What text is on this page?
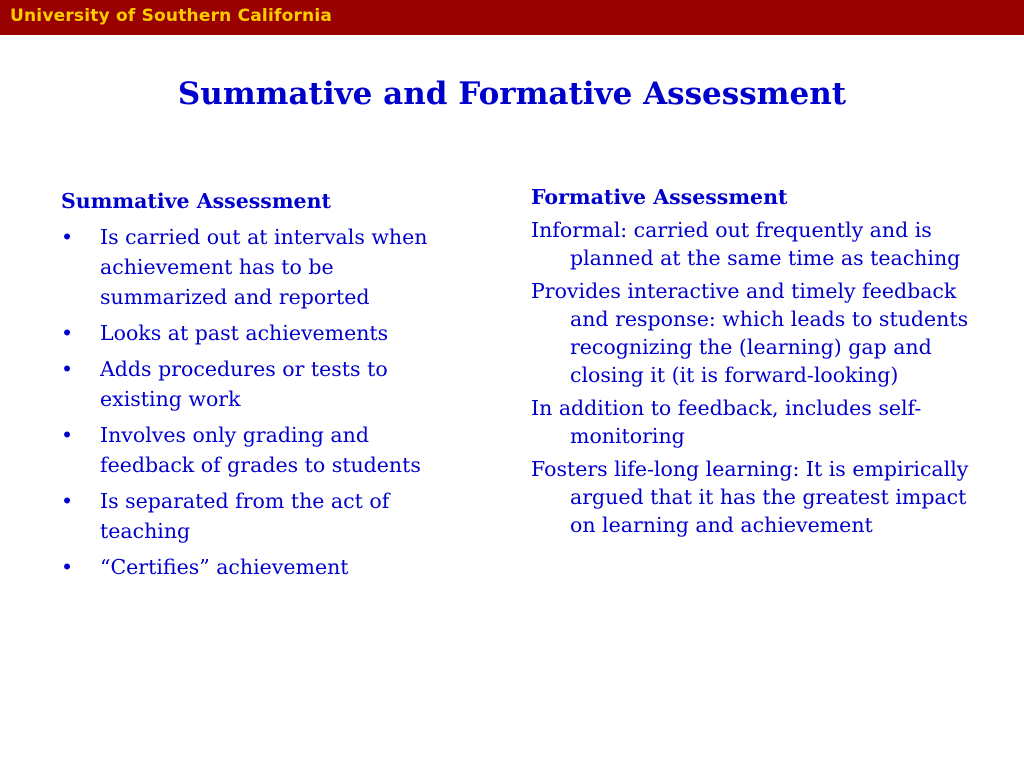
University of Southern California
Summative and Formative Assessment
Summative Assessment
• Is carried out at intervals when achievement has to be summarized and reported
• Looks at past achievements
• Adds procedures or tests to existing work
• Involves only grading and feedback of grades to students
• Is separated from the act of teaching
• “Certifies” achievement
Formative Assessment
Informal: carried out frequently and is planned at the same time as teaching
Provides interactive and timely feedback and response: which leads to students recognizing the (learning) gap and closing it (it is forward-looking)
In addition to feedback, includes self-monitoring
Fosters life-long learning: It is empirically argued that it has the greatest impact on learning and achievement
